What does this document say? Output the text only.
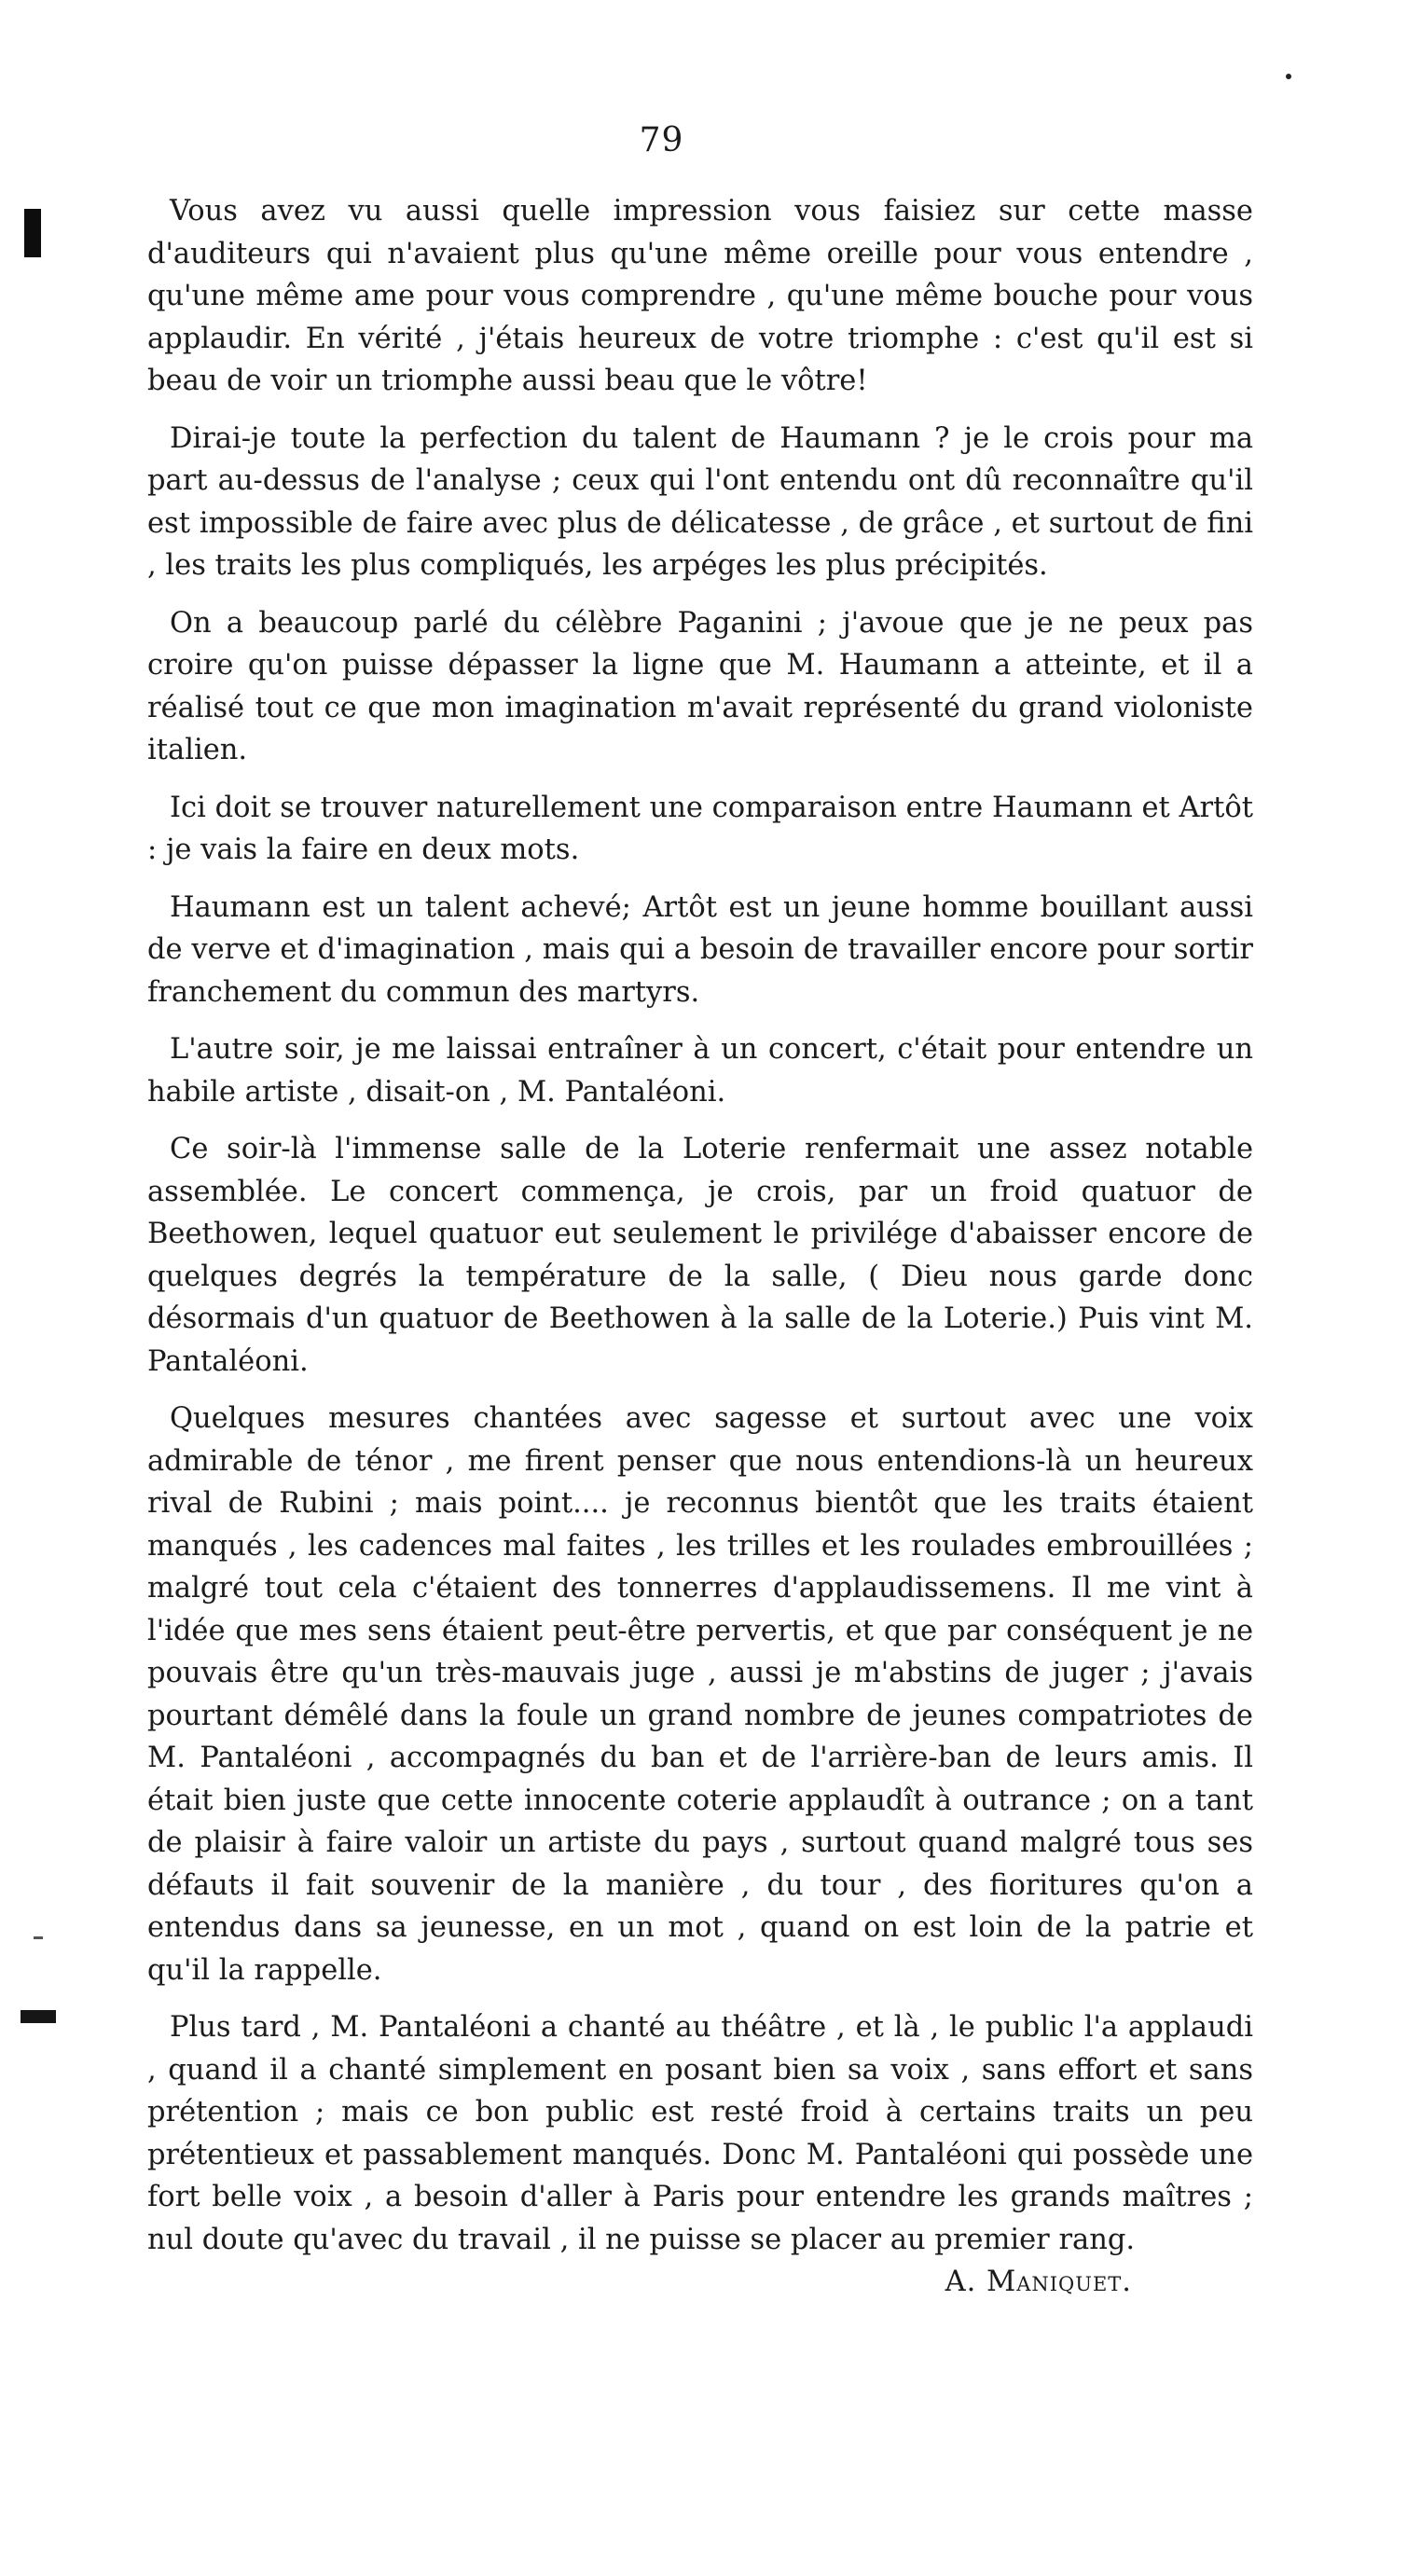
79

Vous avez vu aussi quelle impression vous faisiez sur cette masse d'auditeurs qui n'avaient plus qu'une même oreille pour vous entendre , qu'une même ame pour vous comprendre , qu'une même bouche pour vous applaudir. En vérité , j'étais heureux de votre triomphe : c'est qu'il est si beau de voir un triomphe aussi beau que le vôtre!

Dirai-je toute la perfection du talent de Haumann ? je le crois pour ma part au-dessus de l'analyse ; ceux qui l'ont entendu ont dû reconnaître qu'il est impossible de faire avec plus de délicatesse , de grâce , et surtout de fini , les traits les plus compliqués, les arpéges les plus précipités.

On a beaucoup parlé du célèbre Paganini ; j'avoue que je ne peux pas croire qu'on puisse dépasser la ligne que M. Haumann a atteinte, et il a réalisé tout ce que mon imagination m'avait représenté du grand violoniste italien.

Ici doit se trouver naturellement une comparaison entre Haumann et Artôt : je vais la faire en deux mots.

Haumann est un talent achevé; Artôt est un jeune homme bouillant aussi de verve et d'imagination , mais qui a besoin de travailler encore pour sortir franchement du commun des martyrs.

L'autre soir, je me laissai entraîner à un concert, c'était pour entendre un habile artiste , disait-on , M. Pantaléoni.

Ce soir-là l'immense salle de la Loterie renfermait une assez notable assemblée. Le concert commença, je crois, par un froid quatuor de Beethowen, lequel quatuor eut seulement le privilége d'abaisser encore de quelques degrés la température de la salle, ( Dieu nous garde donc désormais d'un quatuor de Beethowen à la salle de la Loterie.) Puis vint M. Pantaléoni.

Quelques mesures chantées avec sagesse et surtout avec une voix admirable de ténor , me firent penser que nous entendions-là un heureux rival de Rubini ; mais point.... je reconnus bientôt que les traits étaient manqués , les cadences mal faites , les trilles et les roulades embrouillées ; malgré tout cela c'étaient des tonnerres d'applaudissemens. Il me vint à l'idée que mes sens étaient peut-être pervertis, et que par conséquent je ne pouvais être qu'un très-mauvais juge , aussi je m'abstins de juger ; j'avais pourtant démêlé dans la foule un grand nombre de jeunes compatriotes de M. Pantaléoni , accompagnés du ban et de l'arrière-ban de leurs amis. Il était bien juste que cette innocente coterie applaudît à outrance ; on a tant de plaisir à faire valoir un artiste du pays , surtout quand malgré tous ses défauts il fait souvenir de la manière , du tour , des fioritures qu'on a entendus dans sa jeunesse, en un mot , quand on est loin de la patrie et qu'il la rappelle.

Plus tard , M. Pantaléoni a chanté au théâtre , et là , le public l'a applaudi , quand il a chanté simplement en posant bien sa voix , sans effort et sans prétention ; mais ce bon public est resté froid à certains traits un peu prétentieux et passablement manqués. Donc M. Pantaléoni qui possède une fort belle voix , a besoin d'aller à Paris pour entendre les grands maîtres ; nul doute qu'avec du travail , il ne puisse se placer au premier rang.
A. Maniquet.
